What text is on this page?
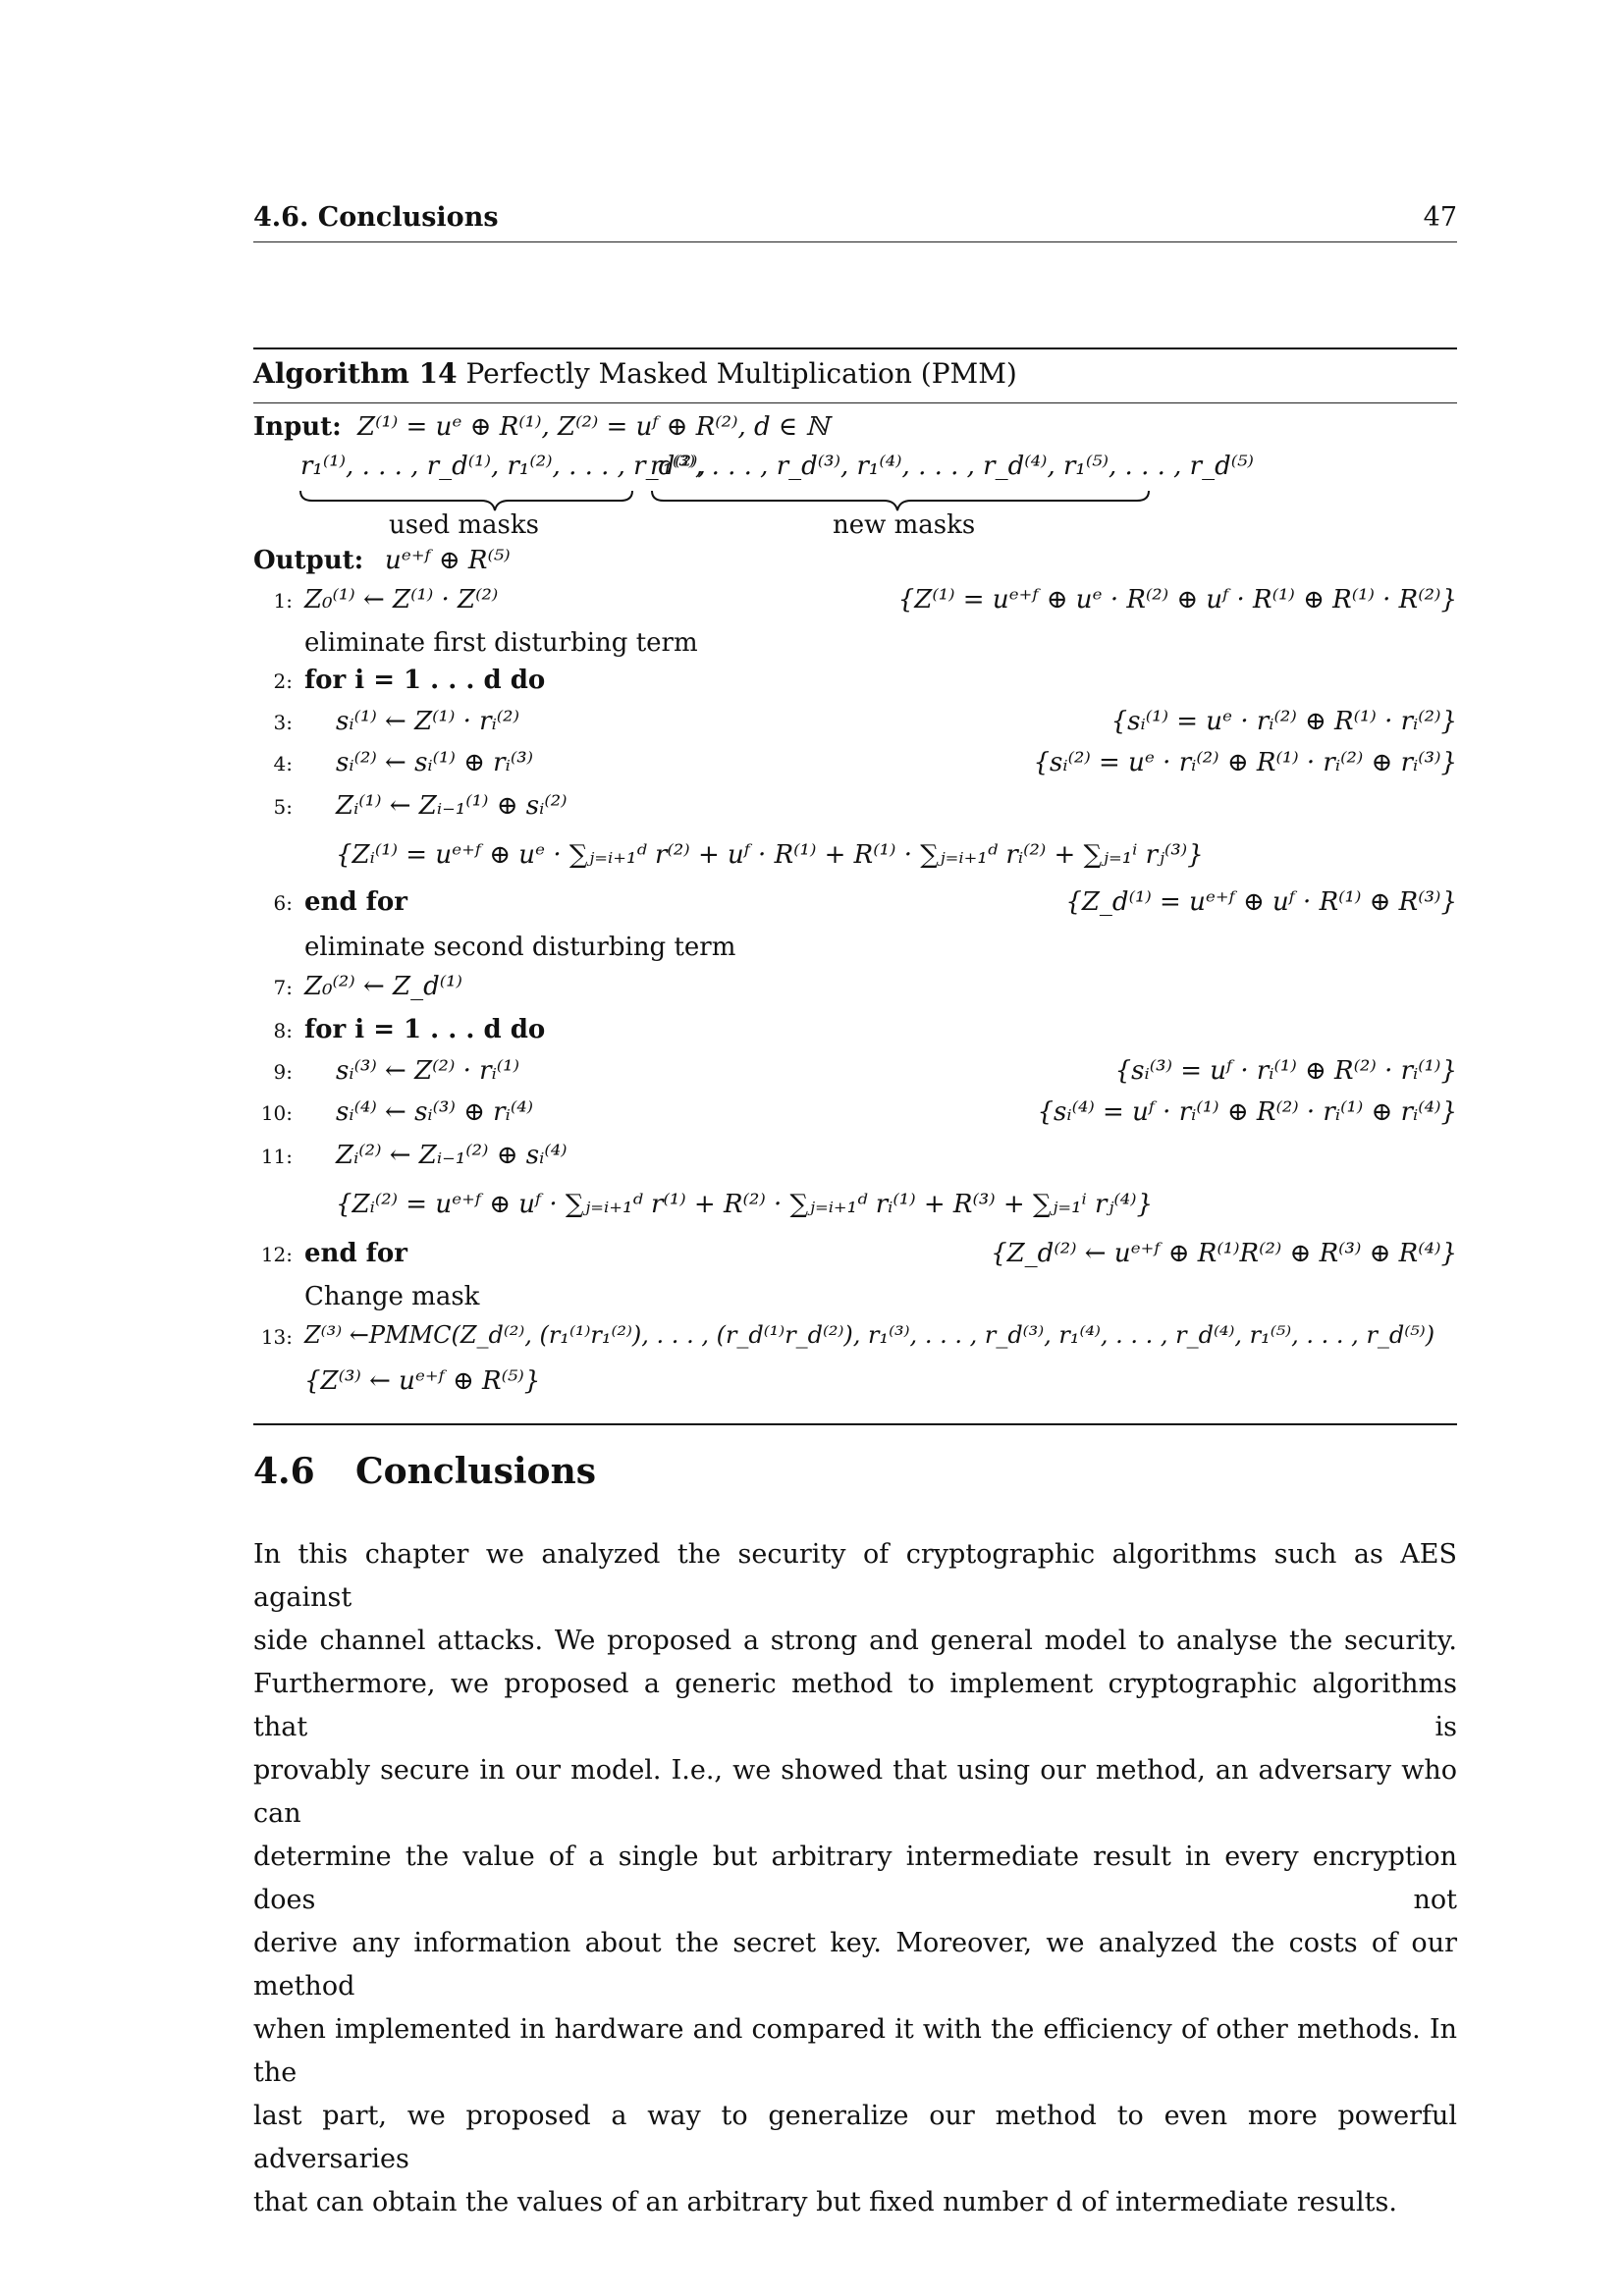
4.6. Conclusions	47
Algorithm 14 Perfectly Masked Multiplication (PMM)
Input: Z⁽¹⁾ = uᵉ ⊕ R⁽¹⁾, Z⁽²⁾ = uᶠ ⊕ R⁽²⁾, d ∈ ℕ
r₁⁽¹⁾, . . . , r_d⁽¹⁾, r₁⁽²⁾, . . . , r_d⁽²⁾,
r₁⁽³⁾, . . . , r_d⁽³⁾, r₁⁽⁴⁾, . . . , r_d⁽⁴⁾, r₁⁽⁵⁾, . . . , r_d⁽⁵⁾
used masks	new masks
Output: uᵉ⁺ᶠ ⊕ R⁽⁵⁾
1: Z₀⁽¹⁾ ← Z⁽¹⁾ · Z⁽²⁾	{Z⁽¹⁾ = uᵉ⁺ᶠ ⊕ uᵉ · R⁽²⁾ ⊕ uᶠ · R⁽¹⁾ ⊕ R⁽¹⁾ · R⁽²⁾}
eliminate first disturbing term
2: for i = 1 . . . d do
3: sᵢ⁽¹⁾ ← Z⁽¹⁾ · rᵢ⁽²⁾	{sᵢ⁽¹⁾ = uᵉ · rᵢ⁽²⁾ ⊕ R⁽¹⁾ · rᵢ⁽²⁾}
4: sᵢ⁽²⁾ ← sᵢ⁽¹⁾ ⊕ rᵢ⁽³⁾	{sᵢ⁽²⁾ = uᵉ · rᵢ⁽²⁾ ⊕ R⁽¹⁾ · rᵢ⁽²⁾ ⊕ rᵢ⁽³⁾}
5: Zᵢ⁽¹⁾ ← Zᵢ₋₁⁽¹⁾ ⊕ sᵢ⁽²⁾
{Zᵢ⁽¹⁾ = uᵉ⁺ᶠ ⊕ uᵉ · ∑ⱼ₌ᵢ₊₁ᵈ r⁽²⁾ + uᶠ · R⁽¹⁾ + R⁽¹⁾ · ∑ⱼ₌ᵢ₊₁ᵈ rᵢ⁽²⁾ + ∑ⱼ₌₁ⁱ rⱼ⁽³⁾}
6: end for	{Z_d⁽¹⁾ = uᵉ⁺ᶠ ⊕ uᶠ · R⁽¹⁾ ⊕ R⁽³⁾}
eliminate second disturbing term
7: Z₀⁽²⁾ ← Z_d⁽¹⁾
8: for i = 1 . . . d do
9: sᵢ⁽³⁾ ← Z⁽²⁾ · rᵢ⁽¹⁾	{sᵢ⁽³⁾ = uᶠ · rᵢ⁽¹⁾ ⊕ R⁽²⁾ · rᵢ⁽¹⁾}
10: sᵢ⁽⁴⁾ ← sᵢ⁽³⁾ ⊕ rᵢ⁽⁴⁾	{sᵢ⁽⁴⁾ = uᶠ · rᵢ⁽¹⁾ ⊕ R⁽²⁾ · rᵢ⁽¹⁾ ⊕ rᵢ⁽⁴⁾}
11: Zᵢ⁽²⁾ ← Zᵢ₋₁⁽²⁾ ⊕ sᵢ⁽⁴⁾
{Zᵢ⁽²⁾ = uᵉ⁺ᶠ ⊕ uᶠ · ∑ⱼ₌ᵢ₊₁ᵈ r⁽¹⁾ + R⁽²⁾ · ∑ⱼ₌ᵢ₊₁ᵈ rᵢ⁽¹⁾ + R⁽³⁾ + ∑ⱼ₌₁ⁱ rⱼ⁽⁴⁾}
12: end for	{Z_d⁽²⁾ ← uᵉ⁺ᶠ ⊕ R⁽¹⁾R⁽²⁾ ⊕ R⁽³⁾ ⊕ R⁽⁴⁾}
Change mask
13: Z⁽³⁾ ←PMMC(Z_d⁽²⁾, (r₁⁽¹⁾r₁⁽²⁾), . . . , (r_d⁽¹⁾r_d⁽²⁾), r₁⁽³⁾, . . . , r_d⁽³⁾, r₁⁽⁴⁾, . . . , r_d⁽⁴⁾, r₁⁽⁵⁾, . . . , r_d⁽⁵⁾)
{Z⁽³⁾ ← uᵉ⁺ᶠ ⊕ R⁽⁵⁾}
4.6 Conclusions
In this chapter we analyzed the security of cryptographic algorithms such as AES against
side channel attacks. We proposed a strong and general model to analyse the security.
Furthermore, we proposed a generic method to implement cryptographic algorithms that is
provably secure in our model. I.e., we showed that using our method, an adversary who can
determine the value of a single but arbitrary intermediate result in every encryption does not
derive any information about the secret key. Moreover, we analyzed the costs of our method
when implemented in hardware and compared it with the efficiency of other methods. In the
last part, we proposed a way to generalize our method to even more powerful adversaries
that can obtain the values of an arbitrary but fixed number d of intermediate results.
